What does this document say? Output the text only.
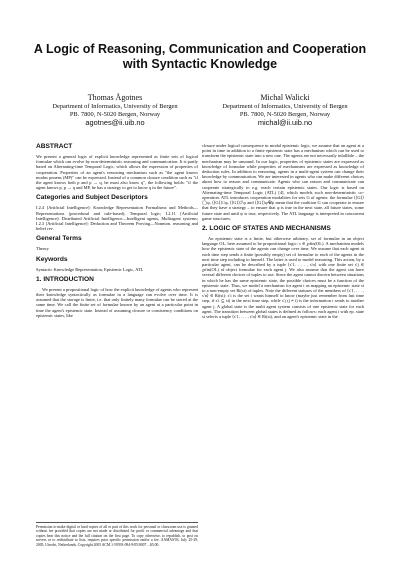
A Logic of Reasoning, Communication and Cooperation
with Syntactic Knowledge
Thomas Ågotnes
Department of Informatics, University of Bergen
PB. 7800, N-5020 Bergen, Norway
agotnes@ii.uib.no
Michal Walicki
Department of Informatics, University of Bergen
PB. 7800, N-5020 Bergen, Norway
michal@ii.uib.no
ABSTRACT

We present a general logic of explicit knowledge represented as finite sets of logical formulae which can evolve by non-deterministic reasoning and communication. It is partly based on Alternating-time Temporal Logic, which allows the expression of properties of cooperation. Properties of an agent's reasoning mechanism such as "the agent knows modus ponens (MP)" can be expressed. Instead of a common closure condition such as "if the agent knows both p and p → q, he must also know q", the following holds: "if the agent knows p, p → q and MP, he has a strategy to get to know q in the future".

Categories and Subject Descriptors

I.2.4 [Artificial Intelligence]: Knowledge Representation Formalisms and Methods—Representations (procedural and rule-based), Temporal logic; I.2.11 [Artificial Intelligence]: Distributed Artificial Intelligence—Intelligent agents, Multiagent systems; I.2.3 [Artificial Intelligence]: Deduction and Theorem Proving—Nonmon. reasoning and belief rev.

General Terms

Theory

Keywords

Syntactic Knowledge Representation, Epistemic Logic, ATL

1. INTRODUCTION

We present a propositional logic of how the explicit knowledge of agents who represent their knowledge syntactically as formulae in a language can evolve over time. It is assumed that the storage is finite, i.e. that only finitely many formulae can be stored at the same time. We call the finite set of formulae known by an agent at a particular point in time the agent's epistemic state. Instead of assuming closure or consistency conditions on epistemic states, like

closure under logical consequence in modal epistemic logic, we assume that an agent at a point in time in addition to a finite epistemic state has a mechanism which can be used to transform the epistemic state into a new one. The agents are not necessarily infallible – the mechanism may be unsound. In our logic, properties of epistemic states are expressed as knowledge of formulae while properties of mechanisms are expressed as knowledge of deduction rules. In addition to reasoning, agents in a multi-agent system can change their knowledge by communication. We are interested in agents who can make different choices about how to reason and communicate. Agents who can reason and communicate can cooperate strategically to e.g. reach certain epistemic states. Our logic is based on Alternating-time Temporal Logic (ATL) [4], which models such non-deterministic co-operation. ATL introduces cooperation modalities for sets G of agents: the formulae ⟨⟨G⟩⟩◯φ, ⟨⟨G⟩⟩□φ, ⟨⟨G⟩⟩ℱφ and ⟨⟨G⟩⟩φ𝒰ψ mean that the coalition G can cooperate to ensure that they have a strategy – to ensure that φ is true in the next state, all future states, some future state and until ψ is true, respectively. The ATL language is interpreted in concurrent game structures.

2. LOGIC OF STATES AND MECHANISMS

An epistemic state is a finite, but otherwise arbitrary, set of formulae in an object language OL, here assumed to be propositional logic: s ∈ ℘fin(OL). A mechanism models how the epistemic state of the agents can change over time. We assume that each agent at each time step sends a finite (possibly empty) set of formulae to each of the agents in the next time step including to himself. The latter is used to model reasoning. This action, by a particular agent, can be described by a tuple ⟨s′1, . . . , s′n⟩ with one finite set s′j ∈ ℘fin(OL) of object formulae for each agent j. We also assume that the agent can have several different choices of tuples to use. Since the agent cannot discern between situations in which he has the same epistemic state, the possible choices must be a function of the epistemic state. Thus, we model a mechanism for agent i as mapping an epistemic state si to a non-empty set Ri(si) of tuples. Note the different statuses of the members of ⟨s′1, . . . , s′n⟩ ∈ Ri(si): s′i is the set i wants himself to know (maybe just remember from last time step, if s′i ⊆ si) in the next time step, while s′j (j ≠ i) is the information i sends to another agent j. A global state is the multi agent system consists of one epistemic state for each agent. The transition between global states is defined as follows: each agent i with ep. state si selects a tuple ⟨s′1, . . . , s′n⟩ ∈ Ri(si), and an agent's epistemic state in the

Permission to make digital or hard copies of all or part of this work for personal or classroom use is granted without fee provided that copies are not made or distributed for profit or commercial advantage and that copies bear this notice and the full citation on the first page. To copy otherwise, to republish, to post on servers or to redistribute to lists, requires prior specific permission and/or a fee. AAMAS'03, July 25-29, 2005, Utrecht, Netherlands. Copyright 2005 ACM 1-59593-094-9/05/0007 ...$5.00.
